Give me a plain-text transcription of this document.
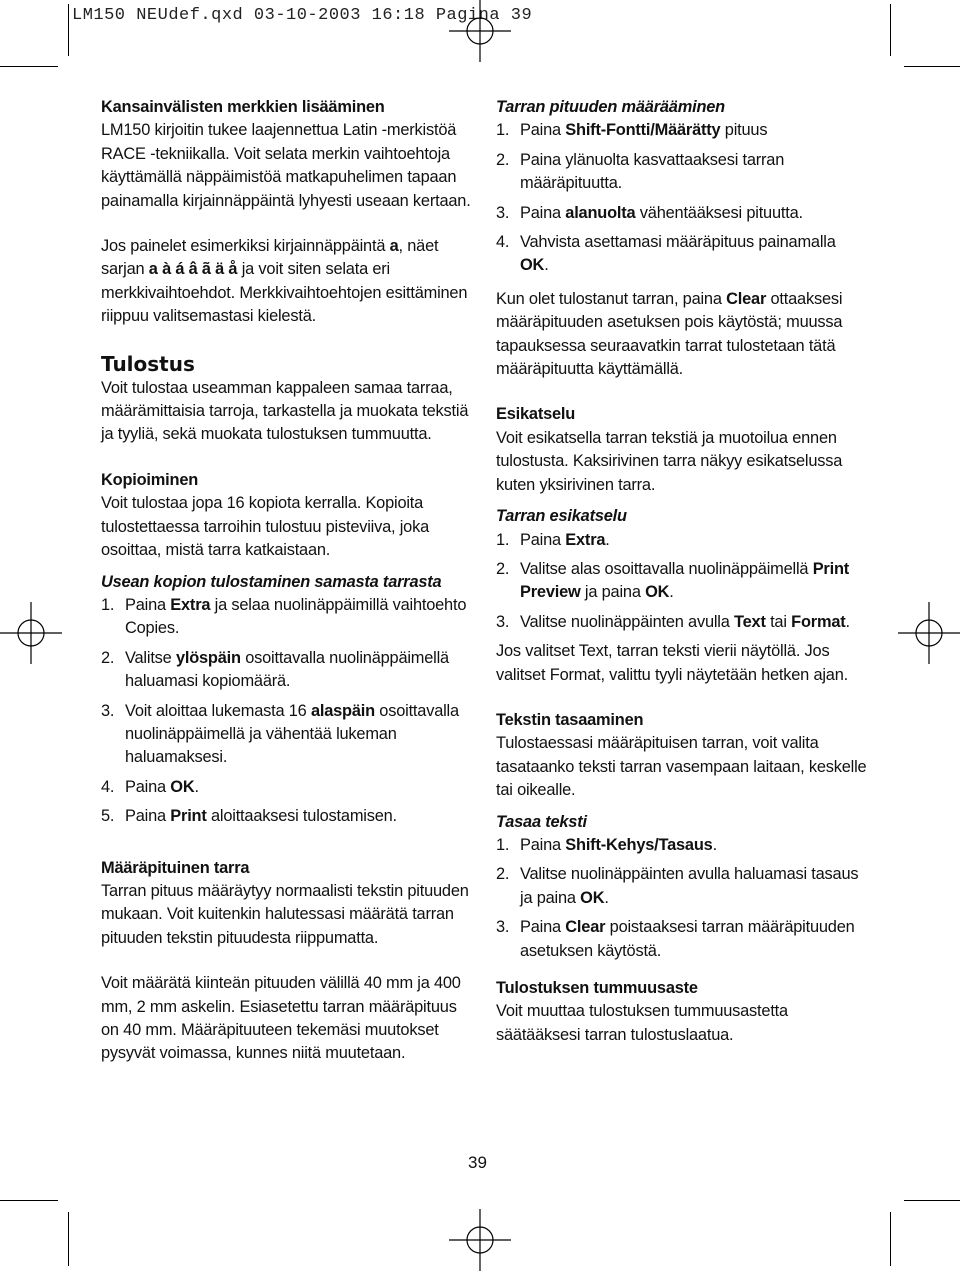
LM150 NEUdef.qxd 03-10-2003 16:18 Pagina 39

Kansainvälisten merkkien lisääminen

LM150 kirjoitin tukee laajennettua Latin -merkistöä RACE -tekniikalla. Voit selata merkin vaihtoehtoja käyttämällä näppäimistöä matkapuhelimen tapaan painamalla kirjainnäppäintä lyhyesti useaan kertaan.

Jos painelet esimerkiksi kirjainnäppäintä a, näet sarjan a à á â ã ä å ja voit siten selata eri merkkivaihtoehdot. Merkkivaihtoehtojen esittäminen riippuu valitsemastasi kielestä.

Tulostus

Voit tulostaa useamman kappaleen samaa tarraa, määrämittaisia tarroja, tarkastella ja muokata tekstiä ja tyyliä, sekä muokata tulostuksen tummuutta.

Kopioiminen

Voit tulostaa jopa 16 kopiota kerralla. Kopioita tulostettaessa tarroihin tulostuu pisteviiva, joka osoittaa, mistä tarra katkaistaan.

Usean kopion tulostaminen samasta tarrasta

1. Paina Extra ja selaa nuolinäppäimillä vaihtoehto Copies.
2. Valitse ylöspäin osoittavalla nuolinäppäimellä haluamasi kopiomäärä.
3. Voit aloittaa lukemasta 16 alaspäin osoittavalla nuolinäppäimellä ja vähentää lukeman haluamaksesi.
4. Paina OK.
5. Paina Print aloittaaksesi tulostamisen.

Määräpituinen tarra

Tarran pituus määräytyy normaalisti tekstin pituuden mukaan. Voit kuitenkin halutessasi määrätä tarran pituuden tekstin pituudesta riippumatta.

Voit määrätä kiinteän pituuden välillä 40 mm ja 400 mm, 2 mm askelin. Esiasetettu tarran määräpituus on 40 mm. Määräpituuteen tekemäsi muutokset pysyvät voimassa, kunnes niitä muutetaan.

Tarran pituuden määrääminen

1. Paina Shift-Fontti/Määrätty pituus
2. Paina ylänuolta kasvattaaksesi tarran määräpituutta.
3. Paina alanuolta vähentääksesi pituutta.
4. Vahvista asettamasi määräpituus painamalla OK.

Kun olet tulostanut tarran, paina Clear ottaaksesi määräpituuden asetuksen pois käytöstä; muussa tapauksessa seuraavatkin tarrat tulostetaan tätä määräpituutta käyttämällä.

Esikatselu

Voit esikatsella tarran tekstiä ja muotoilua ennen tulostusta. Kaksirivinen tarra näkyy esikatselussa kuten yksirivinen tarra.

Tarran esikatselu

1. Paina Extra.
2. Valitse alas osoittavalla nuolinäppäimellä Print Preview ja paina OK.
3. Valitse nuolinäppäinten avulla Text tai Format.

Jos valitset Text, tarran teksti vierii näytöllä. Jos valitset Format, valittu tyyli näytetään hetken ajan.

Tekstin tasaaminen

Tulostaessasi määräpituisen tarran, voit valita tasataanko teksti tarran vasempaan laitaan, keskelle tai oikealle.

Tasaa teksti

1. Paina Shift-Kehys/Tasaus.
2. Valitse nuolinäppäinten avulla haluamasi tasaus ja paina OK.
3. Paina Clear poistaaksesi tarran määräpituuden asetuksen käytöstä.

Tulostuksen tummuusaste

Voit muuttaa tulostuksen tummuusastetta säätääksesi tarran tulostuslaatua.

39
